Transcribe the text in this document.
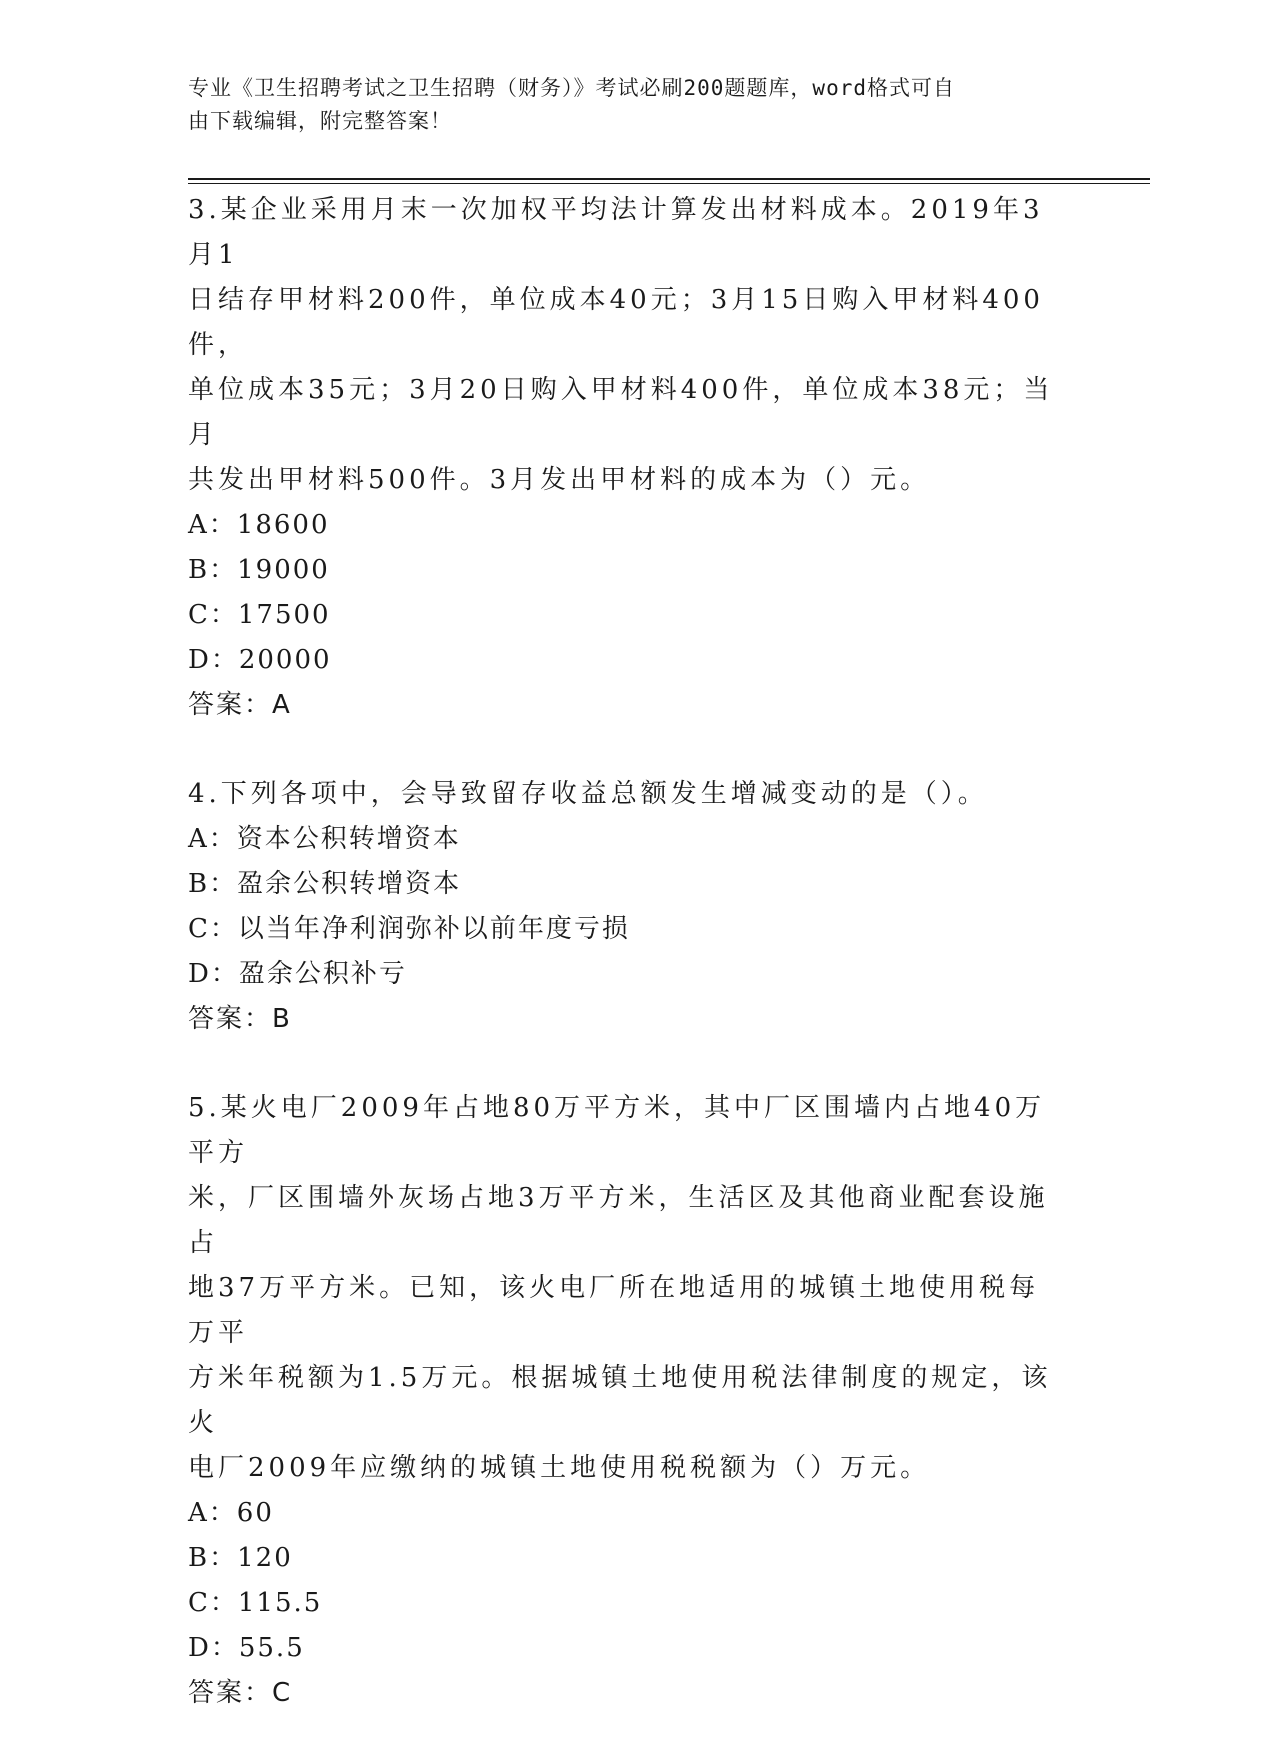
专业《卫生招聘考试之卫生招聘（财务）》考试必刷200题题库，word格式可自
由下载编辑，附完整答案！

3.某企业采用月末一次加权平均法计算发出材料成本。2019年3月1

日结存甲材料200件，单位成本40元；3月15日购入甲材料400件，

单位成本35元；3月20日购入甲材料400件，单位成本38元；当月

共发出甲材料500件。3月发出甲材料的成本为（）元。

A：18600

B：19000

C：17500

D：20000

答案：A

4.下列各项中，会导致留存收益总额发生增减变动的是（）。

A：资本公积转增资本

B：盈余公积转增资本

C：以当年净利润弥补以前年度亏损

D：盈余公积补亏

答案：B

5.某火电厂2009年占地80万平方米，其中厂区围墙内占地40万平方

米，厂区围墙外灰场占地3万平方米，生活区及其他商业配套设施占

地37万平方米。已知，该火电厂所在地适用的城镇土地使用税每万平

方米年税额为1.5万元。根据城镇土地使用税法律制度的规定，该火

电厂2009年应缴纳的城镇土地使用税税额为（）万元。

A：60

B：120

C：115.5

D：55.5

答案：C
